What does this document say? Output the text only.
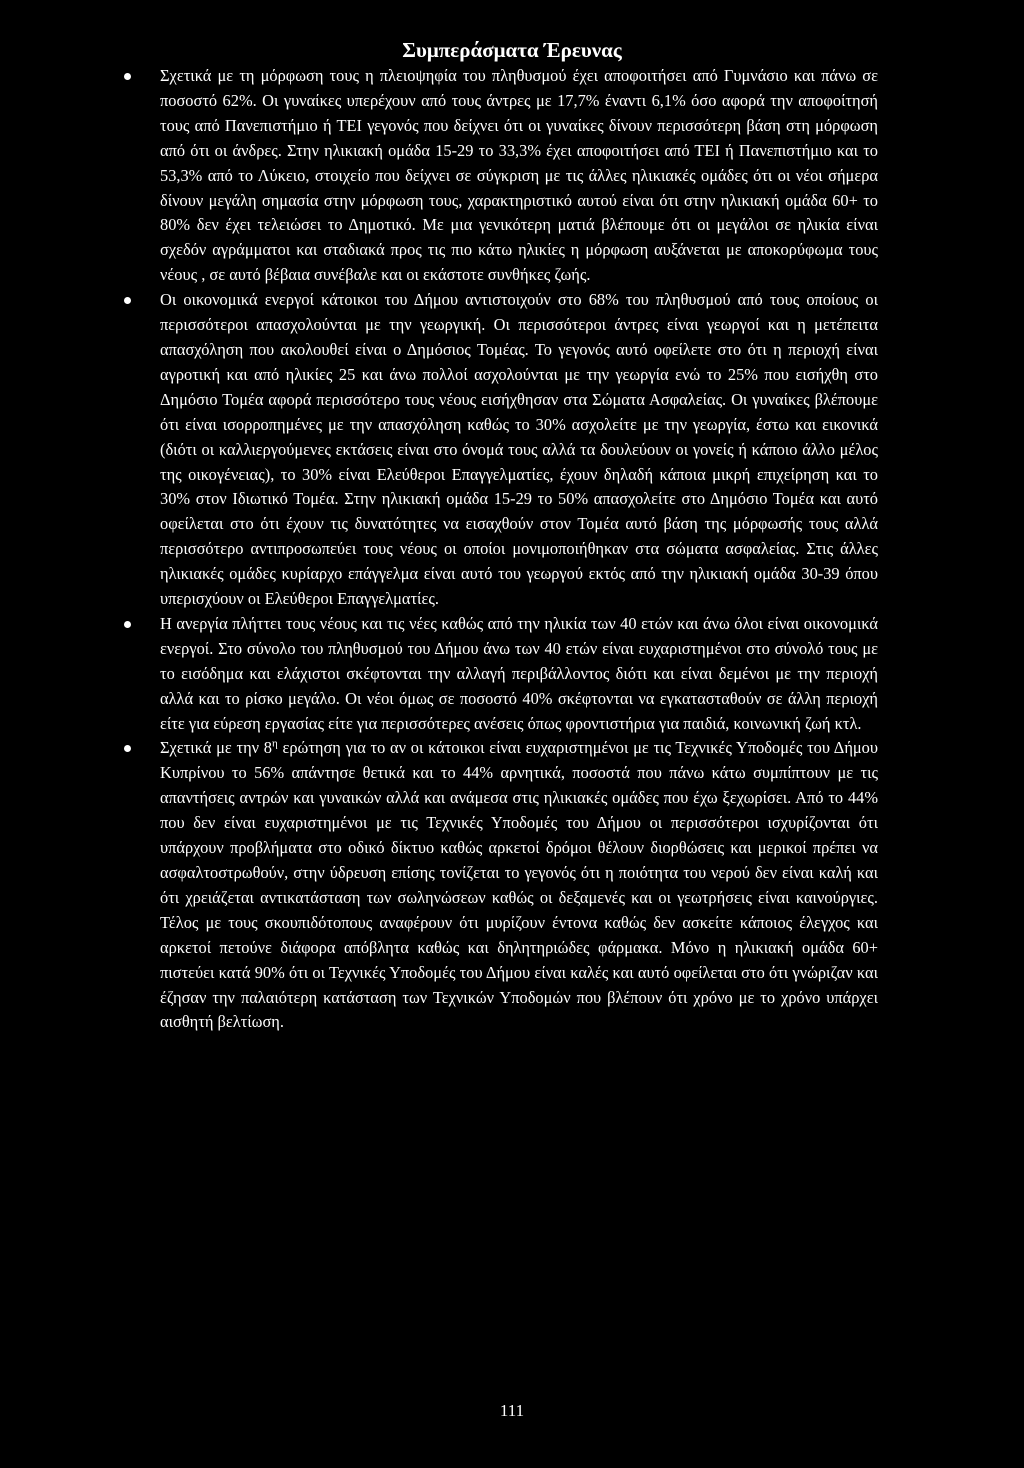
Συμπεράσματα Έρευνας
Σχετικά με τη μόρφωση τους η πλειοψηφία του πληθυσμού έχει αποφοιτήσει από Γυμνάσιο και πάνω σε ποσοστό 62%. Οι γυναίκες υπερέχουν από τους άντρες με 17,7% έναντι 6,1% όσο αφορά την αποφοίτησή τους από Πανεπιστήμιο ή ΤΕΙ γεγονός που δείχνει ότι οι γυναίκες δίνουν περισσότερη βάση στη μόρφωση από ότι οι άνδρες. Στην ηλικιακή ομάδα 15-29 το 33,3% έχει αποφοιτήσει από ΤΕΙ ή Πανεπιστήμιο και το 53,3% από το Λύκειο, στοιχείο που δείχνει σε σύγκριση με τις άλλες ηλικιακές ομάδες ότι οι νέοι σήμερα δίνουν μεγάλη σημασία στην μόρφωση τους, χαρακτηριστικό αυτού είναι ότι στην ηλικιακή ομάδα 60+ το 80% δεν έχει τελειώσει το Δημοτικό. Με μια γενικότερη ματιά βλέπουμε ότι οι μεγάλοι σε ηλικία είναι σχεδόν αγράμματοι και σταδιακά προς τις πιο κάτω ηλικίες η μόρφωση αυξάνεται με αποκορύφωμα τους νέους , σε αυτό βέβαια συνέβαλε και οι εκάστοτε συνθήκες ζωής.
Οι οικονομικά ενεργοί κάτοικοι του Δήμου αντιστοιχούν στο 68% του πληθυσμού από τους οποίους οι περισσότεροι απασχολούνται με την γεωργική. Οι περισσότεροι άντρες είναι γεωργοί και η μετέπειτα απασχόληση που ακολουθεί είναι ο Δημόσιος Τομέας. Το γεγονός αυτό οφείλετε στο ότι η περιοχή είναι αγροτική και από ηλικίες 25 και άνω πολλοί ασχολούνται με την γεωργία ενώ το 25% που εισήχθη στο Δημόσιο Τομέα αφορά περισσότερο τους νέους εισήχθησαν στα Σώματα Ασφαλείας. Οι γυναίκες βλέπουμε ότι είναι ισορροπημένες με την απασχόληση καθώς το 30% ασχολείτε με την γεωργία, έστω και εικονικά (διότι οι καλλιεργούμενες εκτάσεις είναι στο όνομά τους αλλά τα δουλεύουν οι γονείς ή κάποιο άλλο μέλος της οικογένειας), το 30% είναι Ελεύθεροι Επαγγελματίες, έχουν δηλαδή κάποια μικρή επιχείρηση και το 30% στον Ιδιωτικό Τομέα. Στην ηλικιακή ομάδα 15-29 το 50% απασχολείτε στο Δημόσιο Τομέα και αυτό οφείλεται στο ότι έχουν τις δυνατότητες να εισαχθούν στον Τομέα αυτό βάση της μόρφωσής τους αλλά περισσότερο αντιπροσωπεύει τους νέους οι οποίοι μονιμοποιήθηκαν στα σώματα ασφαλείας. Στις άλλες ηλικιακές ομάδες κυρίαρχο επάγγελμα είναι αυτό του γεωργού εκτός από την ηλικιακή ομάδα 30-39 όπου υπερισχύουν οι Ελεύθεροι Επαγγελματίες.
Η ανεργία πλήττει τους νέους και τις νέες καθώς από την ηλικία των 40 ετών και άνω όλοι είναι οικονομικά ενεργοί. Στο σύνολο του πληθυσμού του Δήμου άνω των 40 ετών είναι ευχαριστημένοι στο σύνολό τους με το εισόδημα και ελάχιστοι σκέφτονται την αλλαγή περιβάλλοντος διότι και είναι δεμένοι με την περιοχή αλλά και το ρίσκο μεγάλο. Οι νέοι όμως σε ποσοστό 40% σκέφτονται να εγκατασταθούν σε άλλη περιοχή είτε για εύρεση εργασίας είτε για περισσότερες ανέσεις όπως φροντιστήρια για παιδιά, κοινωνική ζωή κτλ.
Σχετικά με την $8^\eta$ ερώτηση για το αν οι κάτοικοι είναι ευχαριστημένοι με τις Τεχνικές Υποδομές του Δήμου Κυπρίνου το 56% απάντησε θετικά και το 44% αρνητικά, ποσοστά που πάνω κάτω συμπίπτουν με τις απαντήσεις αντρών και γυναικών αλλά και ανάμεσα στις ηλικιακές ομάδες που έχω ξεχωρίσει. Από το 44% που δεν είναι ευχαριστημένοι με τις Τεχνικές Υποδομές του Δήμου οι περισσότεροι ισχυρίζονται ότι υπάρχουν προβλήματα στο οδικό δίκτυο καθώς αρκετοί δρόμοι θέλουν διορθώσεις και μερικοί πρέπει να ασφαλτοστρωθούν, στην ύδρευση επίσης τονίζεται το γεγονός ότι η ποιότητα του νερού δεν είναι καλή και ότι χρειάζεται αντικατάσταση των σωληνώσεων καθώς οι δεξαμενές και οι γεωτρήσεις είναι καινούργιες. Τέλος με τους σκουπιδότοπους αναφέρουν ότι μυρίζουν έντονα καθώς δεν ασκείτε κάποιος έλεγχος και αρκετοί πετούνε διάφορα απόβλητα καθώς και δηλητηριώδες φάρμακα. Μόνο η ηλικιακή ομάδα 60+ πιστεύει κατά 90% ότι οι Τεχνικές Υποδομές του Δήμου είναι καλές και αυτό οφείλεται στο ότι γνώριζαν και έζησαν την παλαιότερη κατάσταση των Τεχνικών Υποδομών που βλέπουν ότι χρόνο με το χρόνο υπάρχει αισθητή βελτίωση.
111
